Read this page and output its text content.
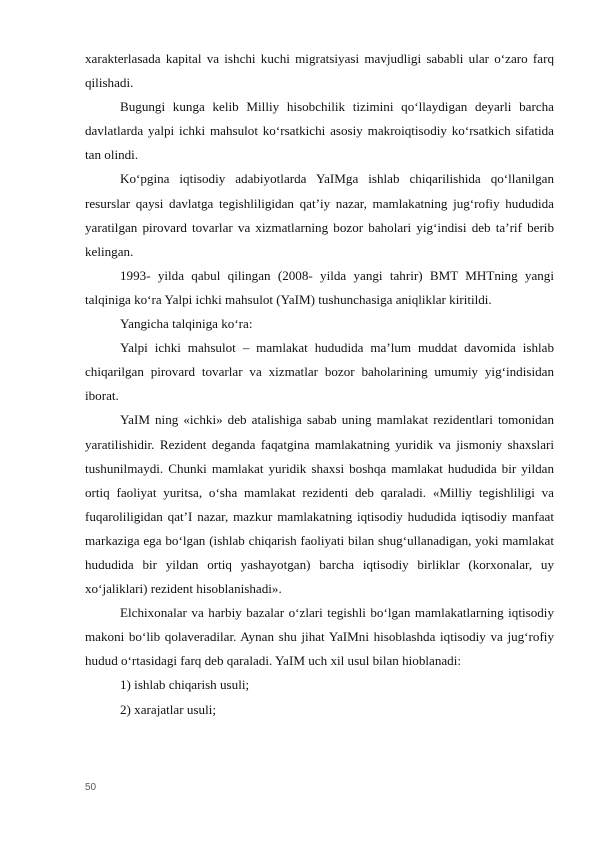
xarakterlasada kapital va ishchi kuchi migratsiyasi mavjudligi sababli ular o‘zaro farq qilishadi.

Bugungi kunga kelib Milliy hisobchilik tizimini qo‘llaydigan deyarli barcha davlatlarda yalpi ichki mahsulot ko‘rsatkichi asosiy makroiqtisodiy ko‘rsatkich sifatida tan olindi.

Ko‘pgina iqtisodiy adabiyotlarda YaIMga ishlab chiqarilishida qo‘llanilgan resurslar qaysi davlatga tegishliligidan qat’iy nazar, mamlakatning jug‘rofiy hududida yaratilgan pirovard tovarlar va xizmatlarning bozor baholari yig‘indisi deb ta’rif berib kelingan.

1993- yilda qabul qilingan (2008- yilda yangi tahrir) BMT MHTning yangi talqiniga ko‘ra Yalpi ichki mahsulot (YaIM) tushunchasiga aniqliklar kiritildi.

Yangicha talqiniga ko‘ra:

Yalpi ichki mahsulot – mamlakat hududida ma’lum muddat davomida ishlab chiqarilgan pirovard tovarlar va xizmatlar bozor baholarining umumiy yig‘indisidan iborat.

YaIM ning «ichki» deb atalishiga sabab uning mamlakat rezidentlari tomonidan yaratilishidir. Rezident deganda faqatgina mamlakatning yuridik va jismoniy shaxslari tushunilmaydi. Chunki mamlakat yuridik shaxsi boshqa mamlakat hududida bir yildan ortiq faoliyat yuritsa, o‘sha mamlakat rezidenti deb qaraladi. «Milliy tegishliligi va fuqaroliligidan qat’I nazar, mazkur mamlakatning iqtisodiy hududida iqtisodiy manfaat markaziga ega bo‘lgan (ishlab chiqarish faoliyati bilan shug‘ullanadigan, yoki mamlakat hududida bir yildan ortiq yashayotgan) barcha iqtisodiy birliklar (korxonalar, uy xo‘jaliklari) rezident hisoblanishadi».

Elchixonalar va harbiy bazalar o‘zlari tegishli bo‘lgan mamlakatlarning iqtisodiy makoni bo‘lib qolaveradilar. Aynan shu jihat YaIMni hisoblashda iqtisodiy va jug‘rofiy hudud o‘rtasidagi farq deb qaraladi. YaIM uch xil usul bilan hioblanadi:

1) ishlab chiqarish usuli;

2) xarajatlar usuli;

50
